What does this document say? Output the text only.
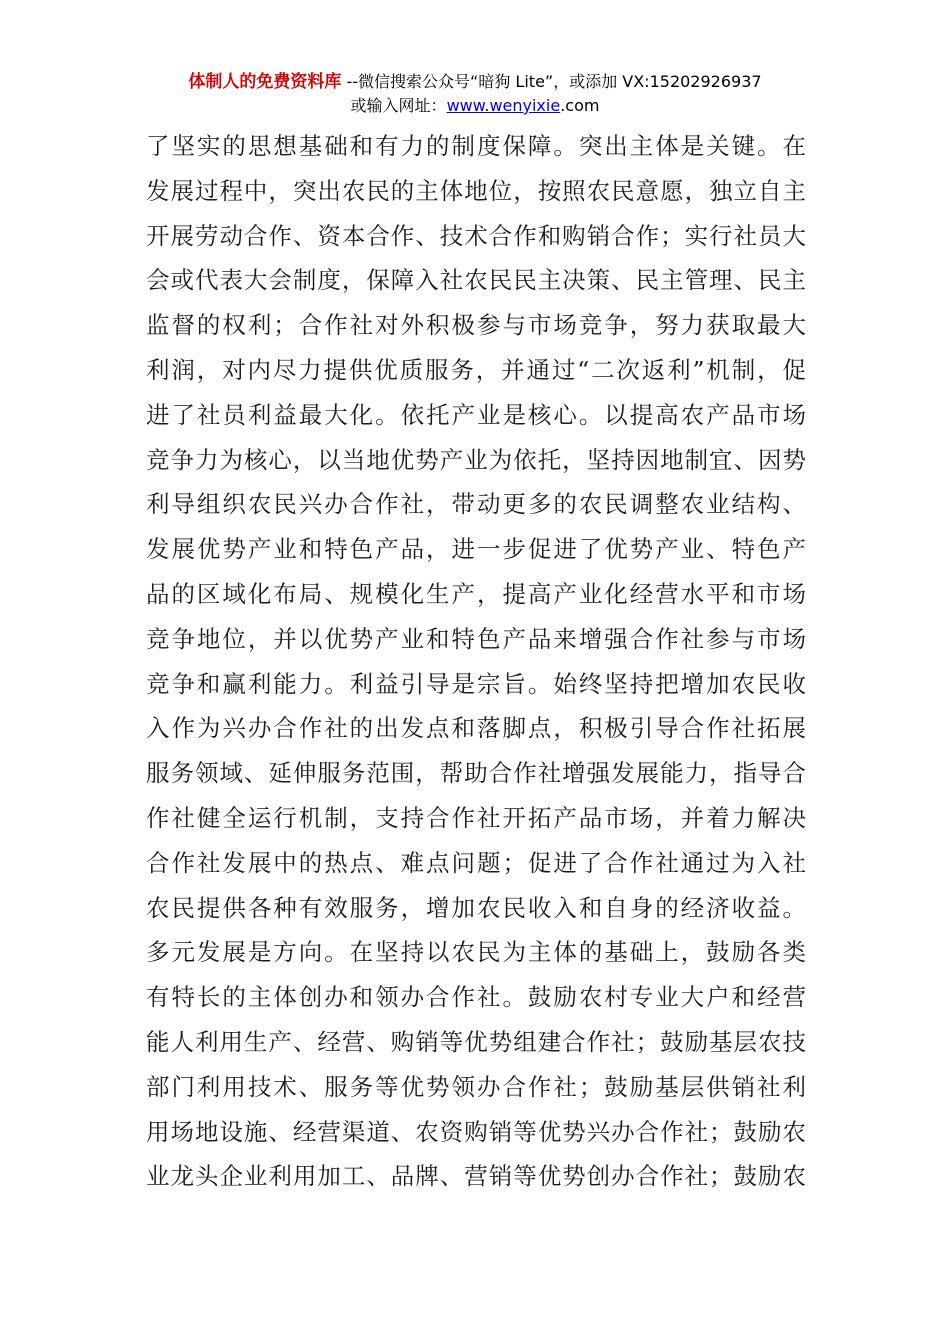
体制人的免费资料库 --微信搜索公众号“暗狗 Lite”，或添加 VX:15202926937
或输入网址：www.wenyixie.com
了坚实的思想基础和有力的制度保障。突出主体是关键。在
发展过程中，突出农民的主体地位，按照农民意愿，独立自主
开展劳动合作、资本合作、技术合作和购销合作；实行社员大
会或代表大会制度，保障入社农民民主决策、民主管理、民主
监督的权利；合作社对外积极参与市场竞争，努力获取最大
利润，对内尽力提供优质服务，并通过“二次返利”机制，促
进了社员利益最大化。依托产业是核心。以提高农产品市场
竞争力为核心，以当地优势产业为依托，坚持因地制宜、因势
利导组织农民兴办合作社，带动更多的农民调整农业结构、
发展优势产业和特色产品，进一步促进了优势产业、特色产
品的区域化布局、规模化生产，提高产业化经营水平和市场
竞争地位，并以优势产业和特色产品来增强合作社参与市场
竞争和赢利能力。利益引导是宗旨。始终坚持把增加农民收
入作为兴办合作社的出发点和落脚点，积极引导合作社拓展
服务领域、延伸服务范围，帮助合作社增强发展能力，指导合
作社健全运行机制，支持合作社开拓产品市场，并着力解决
合作社发展中的热点、难点问题；促进了合作社通过为入社
农民提供各种有效服务，增加农民收入和自身的经济收益。
多元发展是方向。在坚持以农民为主体的基础上，鼓励各类
有特长的主体创办和领办合作社。鼓励农村专业大户和经营
能人利用生产、经营、购销等优势组建合作社；鼓励基层农技
部门利用技术、服务等优势领办合作社；鼓励基层供销社利
用场地设施、经营渠道、农资购销等优势兴办合作社；鼓励农
业龙头企业利用加工、品牌、营销等优势创办合作社；鼓励农
